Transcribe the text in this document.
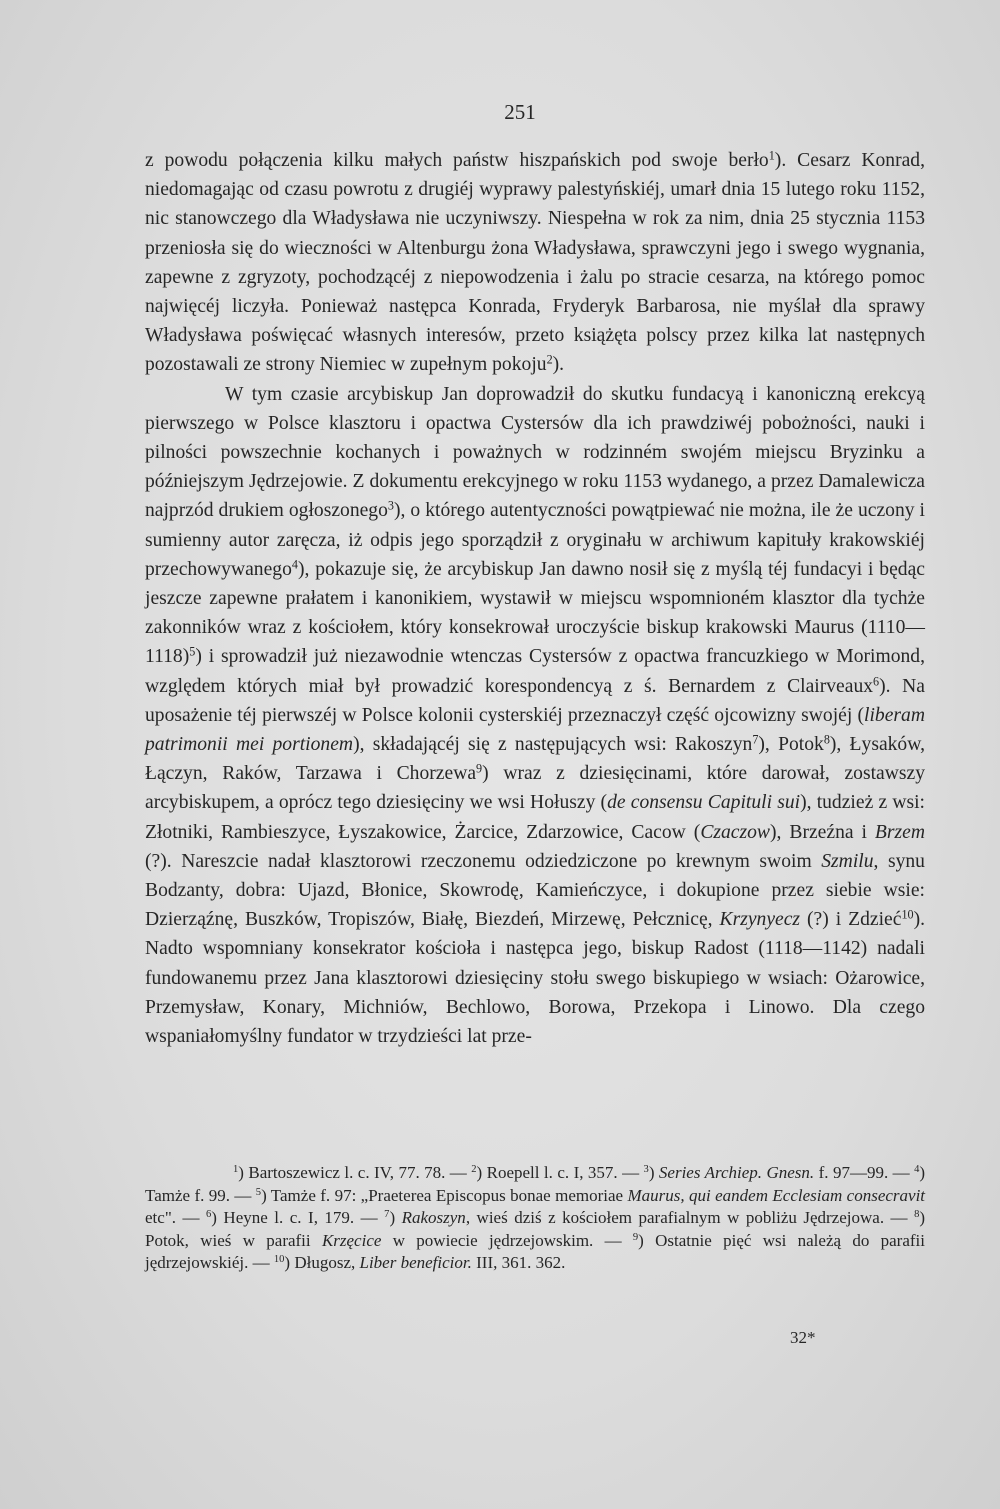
251

z powodu połączenia kilku małych państw hiszpańskich pod swoje berło$^1$). Cesarz Konrad, niedomagając od czasu powrotu z drugiéj wyprawy palestyńskiéj, umarł dnia 15 lutego roku 1152, nic stanowczego dla Władysława nie uczyniwszy. Niespełna w rok za nim, dnia 25 stycznia 1153 przeniosła się do wieczności w Altenburgu żona Władysława, sprawczyni jego i swego wygnania, zapewne z zgryzoty, pochodzącéj z niepowodzenia i żalu po stracie cesarza, na którego pomoc najwięcéj liczyła. Ponieważ następca Konrada, Fryderyk Barbarosa, nie myślał dla sprawy Władysława poświęcać własnych interesów, przeto książęta polscy przez kilka lat następnych pozostawali ze strony Niemiec w zupełnym pokoju$^2$).

W tym czasie arcybiskup Jan doprowadził do skutku fundacyą i kanoniczną erekcyą pierwszego w Polsce klasztoru i opactwa Cystersów dla ich prawdziwéj pobożności, nauki i pilności powszechnie kochanych i poważnych w rodzinném swojém miejscu Bryzinku a późniejszym Jędrzejowie. Z dokumentu erekcyjnego w roku 1153 wydanego, a przez Damalewicza najprzód drukiem ogłoszonego$^3$), o którego autentyczności powątpiewać nie można, ile że uczony i sumienny autor zaręcza, iż odpis jego sporządził z oryginału w archiwum kapituły krakowskiéj przechowywanego$^4$), pokazuje się, że arcybiskup Jan dawno nosił się z myślą téj fundacyi i będąc jeszcze zapewne prałatem i kanonikiem, wystawił w miejscu wspomnioném klasztor dla tychże zakonników wraz z kościołem, który konsekrował uroczyście biskup krakowski Maurus (1110—1118)$^5$) i sprowadził już niezawodnie wtenczas Cystersów z opactwa francuzkiego w Morimond, względem których miał był prowadzić korespondencyą z ś. Bernardem z Clairveaux$^6$). Na uposażenie téj pierwszéj w Polsce kolonii cysterskiéj przeznaczył część ojcowizny swojéj (liberam patrimonii mei portionem), składającéj się z następujących wsi: Rakoszyn$^7$), Potok$^8$), Łysaków, Łączyn, Raków, Tarzawa i Chorzewa$^9$) wraz z dziesięcinami, które darował, zostawszy arcybiskupem, a oprócz tego dziesięciny we wsi Hołuszy (de consensu Capituli sui), tudzież z wsi: Złotniki, Rambieszyce, Łyszakowice, Żarcice, Zdarzowice, Cacow (Czaczow), Brzeźna i Brzem (?). Nareszcie nadał klasztorowi rzeczonemu odziedziczone po krewnym swoim Szmilu, synu Bodzanty, dobra: Ujazd, Błonice, Skowrodę, Kamieńczyce, i dokupione przez siebie wsie: Dzierząźnę, Buszków, Tropiszów, Białę, Biezdeń, Mirzewę, Pełcznicę, Krzynyecz (?) i Zdzieć$^{10}$). Nadto wspomniany konsekrator kościoła i następca jego, biskup Radost (1118—1142) nadali fundowanemu przez Jana klasztorowi dziesięciny stołu swego biskupiego w wsiach: Ożarowice, Przemysław, Konary, Michniów, Bechlowo, Borowa, Przekopa i Linowo. Dla czego wspaniałomyślny fundator w trzydzieści lat prze-

$^1$) Bartoszewicz l. c. IV, 77. 78. — $^2$) Roepell l. c. I, 357. — $^3$) Series Archiep. Gnesn. f. 97—99. — $^4$) Tamże f. 99. — $^5$) Tamże f. 97: „Praeterea Episcopus bonae memoriae Maurus, qui eandem Ecclesiam consecravit etc". — $^6$) Heyne l. c. I, 179. — $^7$) Rakoszyn, wieś dziś z kościołem parafialnym w pobliżu Jędrzejowa. — $^8$) Potok, wieś w parafii Krzęcice w powiecie jędrzejowskim. — $^9$) Ostatnie pięć wsi należą do parafii jędrzejowskiéj. — $^{10}$) Długosz, Liber beneficior. III, 361. 362.

32*
